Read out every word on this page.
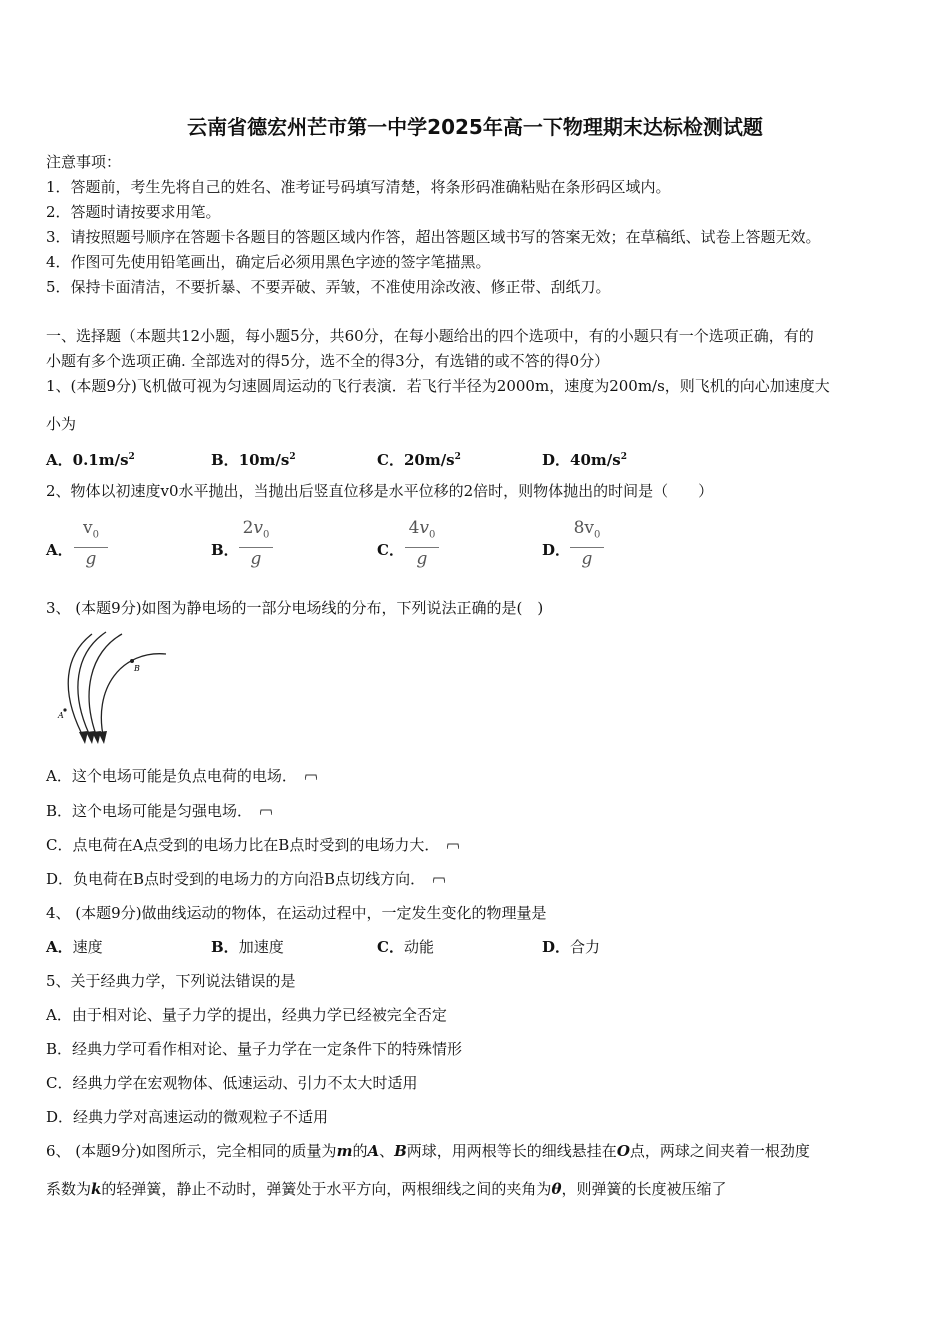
云南省德宏州芒市第一中学2025年高一下物理期末达标检测试题
注意事项：
1．答题前，考生先将自己的姓名、准考证号码填写清楚，将条形码准确粘贴在条形码区域内。
2．答题时请按要求用笔。
3．请按照题号顺序在答题卡各题目的答题区域内作答，超出答题区域书写的答案无效；在草稿纸、试卷上答题无效。
4．作图可先使用铅笔画出，确定后必须用黑色字迹的签字笔描黑。
5．保持卡面清洁，不要折暴、不要弄破、弄皱，不准使用涂改液、修正带、刮纸刀。
一、选择题（本题共12小题，每小题5分，共60分，在每小题给出的四个选项中，有的小题只有一个选项正确，有的
小题有多个选项正确. 全部选对的得5分，选不全的得3分，有选错的或不答的得0分）
1、(本题9分)飞机做可视为匀速圆周运动的飞行表演．若飞行半径为2000m，速度为200m/s，则飞机的向心加速度大
小为
A．$0.1m/s^2$	B．$10m/s^2$	C．$20m/s^2$	D．$40m/s^2$
2、物体以初速度v0水平抛出，当抛出后竖直位移是水平位移的2倍时，则物体抛出的时间是（　　）
A． $\frac{v_0}{g}$	B． $\frac{2v_0}{g}$	C． $\frac{4v_0}{g}$	D． $\frac{8v_0}{g}$
3、 (本题9分)如图为静电场的一部分电场线的分布，下列说法正确的是(　)
B
A
A．这个电场可能是负点电荷的电场．
B．这个电场可能是匀强电场．
C．点电荷在A点受到的电场力比在B点时受到的电场力大．
D．负电荷在B点时受到的电场力的方向沿B点切线方向．
4、 (本题9分)做曲线运动的物体，在运动过程中，一定发生变化的物理量是
A．速度	B．加速度	C．动能	D．合力
5、关于经典力学，下列说法错误的是
A．由于相对论、量子力学的提出，经典力学已经被完全否定
B．经典力学可看作相对论、量子力学在一定条件下的特殊情形
C．经典力学在宏观物体、低速运动、引力不太大时适用
D．经典力学对高速运动的微观粒子不适用
6、 (本题9分)如图所示，完全相同的质量为m的A、B两球，用两根等长的细线悬挂在O点，两球之间夹着一根劲度
系数为k的轻弹簧，静止不动时，弹簧处于水平方向，两根细线之间的夹角为θ，则弹簧的长度被压缩了
